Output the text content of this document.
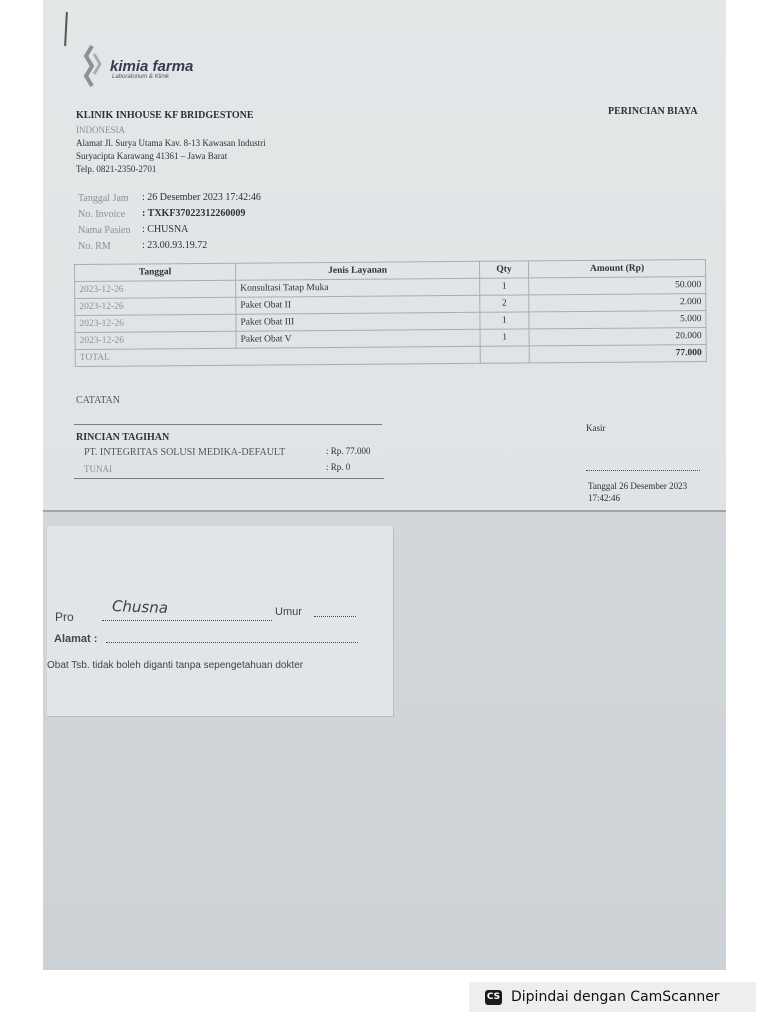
kimia farma
Laboratorium & Klinik
KLINIK INHOUSE KF BRIDGESTONE
INDONESIA
Alamat Jl. Surya Utama Kav. 8-13 Kawasan Industri
Suryacipta Karawang 41361 – Jawa Barat
Telp. 0821-2350-2701
PERINCIAN BIAYA
Tanggal Jam : 26 Desember 2023 17:42:46
No. Invoice : TXKF37022312260009
Nama Pasien : CHUSNA
No. RM	: 23.00.93.19.72
Tanggal	Jenis Layanan	Qty	Amount (Rp)
2023-12-26	Konsultasi Tatap Muka	1	50.000
2023-12-26	Paket Obat II	2	2.000
2023-12-26	Paket Obat III	1	5.000
2023-12-26	Paket Obat V	1	20.000
TOTAL			77.000
CATATAN
RINCIAN TAGIHAN
PT. INTEGRITAS SOLUSI MEDIKA-DEFAULT	: Rp. 77.000
TUNAI	: Rp. 0
Kasir
Tanggal 26 Desember 2023
17:42:46
Pro
Chusna	Umur
Alamat :
Obat Tsb. tidak boleh diganti tanpa sepengetahuan dokter
CS Dipindai dengan CamScanner
